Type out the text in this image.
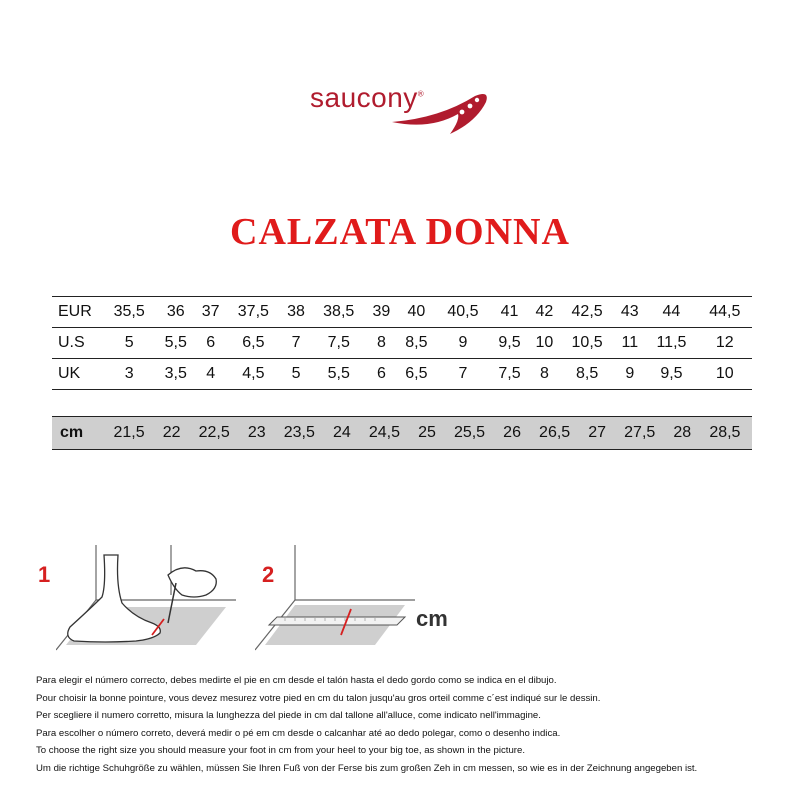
saucony®
CALZATA DONNA
EUR	35,5	36	37	37,5	38	38,5	39	40	40,5	41	42	42,5	43	44	44,5
U.S	5	5,5	6	6,5	7	7,5	8	8,5	9	9,5	10	10,5	11	11,5	12
UK	3	3,5	4	4,5	5	5,5	6	6,5	7	7,5	8	8,5	9	9,5	10
cm	21,5	22	22,5	23	23,5	24	24,5	25	25,5	26	26,5	27	27,5	28	28,5
1	2
cm
Para elegir el número correcto, debes medirte el pie en cm desde el talón hasta el dedo gordo como se indica en el dibujo.
Pour choisir la bonne pointure, vous devez mesurez votre pied en cm du talon jusqu'au gros orteil comme c´est indiqué sur le dessin.
Per scegliere il numero corretto, misura la lunghezza del piede in cm dal tallone all'alluce, come indicato nell'immagine.
Para escolher o número correto, deverá medir o pé em cm desde o calcanhar até ao dedo polegar, como o desenho indica.
To choose the right size you should measure your foot in cm from your heel to your big toe, as shown in the picture.
Um die richtige Schuhgröße zu wählen, müssen Sie Ihren Fuß von der Ferse bis zum großen Zeh in cm messen, so wie es in der Zeichnung angegeben ist.
